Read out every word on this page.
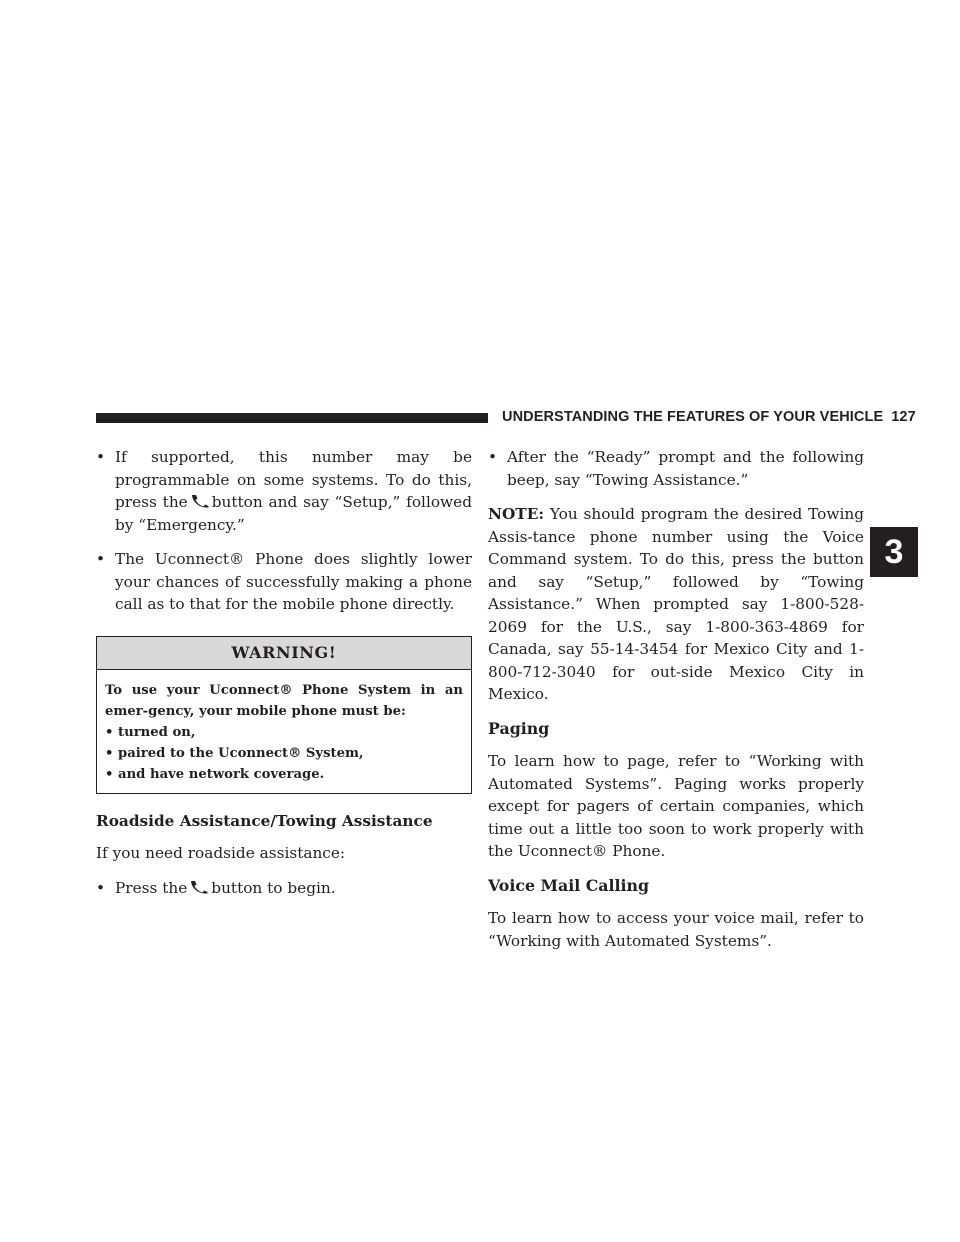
UNDERSTANDING THE FEATURES OF YOUR VEHICLE 127
3
• If supported, this number may be programmable on some systems. To do this, press the button and say “Setup,” followed by “Emergency.”
• The Uconnect® Phone does slightly lower your chances of successfully making a phone call as to that for the mobile phone directly.
WARNING!

To use your Uconnect® Phone System in an emer-gency, your mobile phone must be:

• turned on,
• paired to the Uconnect® System,
• and have network coverage.
Roadside Assistance/Towing Assistance
If you need roadside assistance:
• Press the button to begin.
• After the “Ready” prompt and the following beep, say “Towing Assistance.”
NOTE: You should program the desired Towing Assis-tance phone number using the Voice Command system. To do this, press the button and say “Setup,” followed by “Towing Assistance.” When prompted say 1-800-528-2069 for the U.S., say 1-800-363-4869 for Canada, say 55-14-3454 for Mexico City and 1-800-712-3040 for out-side Mexico City in Mexico.
Paging
To learn how to page, refer to “Working with Automated Systems”. Paging works properly except for pagers of certain companies, which time out a little too soon to work properly with the Uconnect® Phone.
Voice Mail Calling
To learn how to access your voice mail, refer to “Working with Automated Systems”.
